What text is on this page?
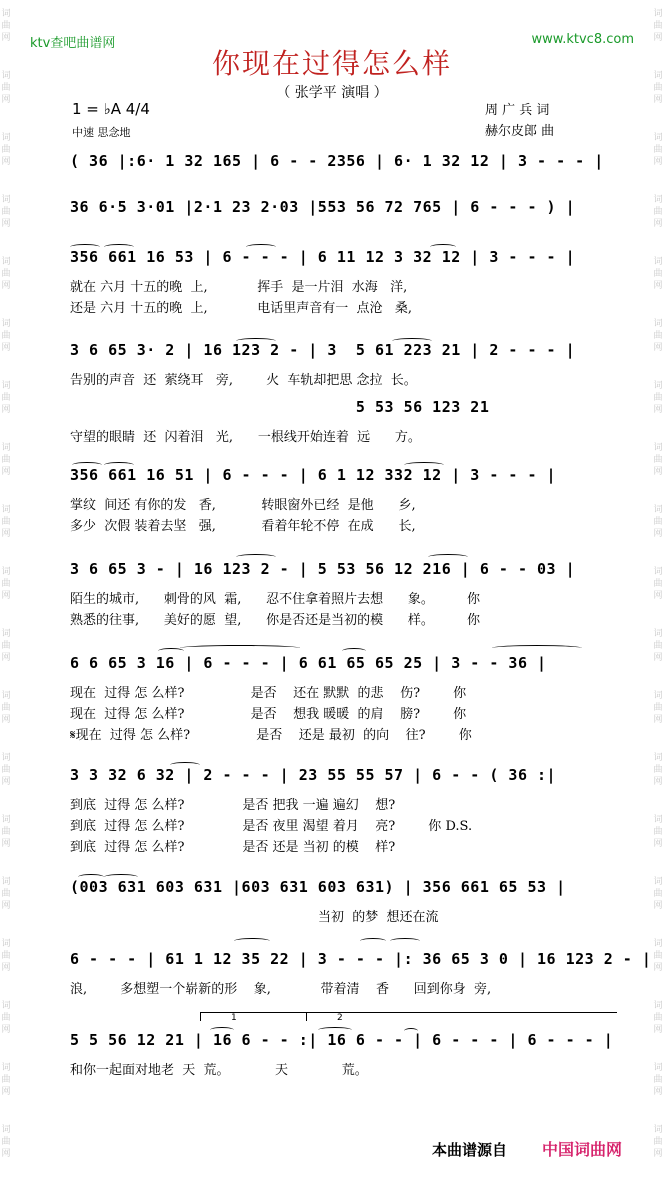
词
曲
网
词
曲
网
词
曲
网
词
曲
网
词
曲
网
词
曲
网
词
曲
网
词
曲
网
词
曲
网
词
曲
网
词
曲
网
词
曲
网
词
曲
网
词
曲
网
词
曲
网
词
曲
网
词
曲
网
词
曲
网
词
曲
网
词
曲
网
词
曲
网
词
曲
网
词
曲
网
词
曲
网
词
曲
网
词
曲
网
词
曲
网
词
曲
网
词
曲
网
词
曲
网
词
曲
网
词
曲
网
词
曲
网
词
曲
网
词
曲
网
词
曲
网
词
曲
网
词
曲
网
ktv查吧曲谱网	www.ktvc8.com
你现在过得怎么样
（ 张学平 演唱 ）
1 = ♭A 4/4
中速 思念地
周 广 兵 词
赫尔皮郎 曲
( 36 |:6· 1 32 165 | 6 - - 2356 | 6· 1 32 12 | 3 - - - |
36 6·5 3·01 |2·1 23 2·03 |553 56 72 765 | 6 - - - ) |
356 661 16 53 | 6 - - - | 6 11 12 3 32 12 | 3 - - - |
就在 六月 十五的晚  上,            挥手  是一片泪  水海   洋,
还是 六月 十五的晚  上,            电话里声音有一  点沧   桑,
3 6 65 3· 2 | 16 123 2 - | 3  5 61 223 21 | 2 - - - |
告别的声音  还  萦绕耳   旁,        火  车轨却把思 念拉  长。
5 53 56 123 21
守望的眼睛  还  闪着泪   光,      一根线开始连着  远      方。
356 661 16 51 | 6 - - - | 6 1 12 332 12 | 3 - - - |
掌纹  间还 有你的发   香,           转眼窗外已经  是他      乡,
多少  次假 装着去坚   强,           看着年轮不停  在成      长,
3 6 65 3 - | 16 123 2 - | 5 53 56 12 216 | 6 - - 03 |
陌生的城市,      刺骨的风  霜,      忍不住拿着照片去想      象。        你
熟悉的往事,      美好的愿  望,      你是否还是当初的模      样。        你
6 6 65 3 16 | 6 - - - | 6 61 65 65 25 | 3 - - 36 |
现在  过得 怎 么样?                是否    还在 默默  的悲    伤?        你
现在  过得 怎 么样?                是否    想我 暖暖  的肩    膀?        你
𝄋现在  过得 怎 么样?                是否    还是 最初  的向    往?        你
3 3 32 6 32 | 2 - - - | 23 55 55 57 | 6 - - ( 36 :|
到底  过得 怎 么样?              是否 把我 一遍 遍幻    想?
到底  过得 怎 么样?              是否 夜里 渴望 着月    亮?        你 D.S.
到底  过得 怎 么样?              是否 还是 当初 的模    样?
(003 631 603 631 |603 631 603 631) | 356 661 65 53 |
当初  的梦  想还在流
6 - - - | 61 1 12 35 22 | 3 - - - |: 36 65 3 0 | 16 123 2 - |
浪,        多想塑一个崭新的形    象,            带着清    香      回到你身  旁,
5 5 56 12 21 | 16 6 - - :| 16 6 - - | 6 - - - | 6 - - - |
和你一起面对地老  天  荒。           天             荒。
1	2
本曲谱源自 中国词曲网
